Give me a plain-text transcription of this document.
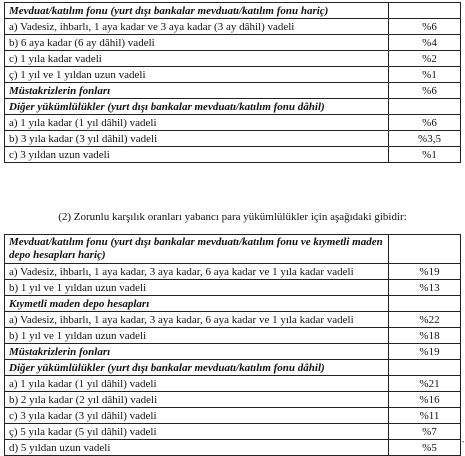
Mevduat/katılım fonu (yurt dışı bankalar mevduatı/katılım fonu hariç)	
a) Vadesiz, ihbarlı, 1 aya kadar ve 3 aya kadar (3 ay dâhil) vadeli	%6
b) 6 aya kadar (6 ay dâhil) vadeli	%4
c) 1 yıla kadar vadeli	%2
ç) 1 yıl ve 1 yıldan uzun vadeli	%1
Müstakrizlerin fonları	%6
Diğer yükümlülükler (yurt dışı bankalar mevduatı/katılım fonu dâhil)	
a) 1 yıla kadar (1 yıl dâhil) vadeli	%6
b) 3 yıla kadar (3 yıl dâhil) vadeli	%3,5
c) 3 yıldan uzun vadeli	%1
(2) Zorunlu karşılık oranları yabancı para yükümlülükler için aşağıdaki gibidir:
Mevduat/katılım fonu (yurt dışı bankalar mevduatı/katılım fonu ve kıymetli maden depo hesapları hariç)	
a) Vadesiz, ihbarlı, 1 aya kadar, 3 aya kadar, 6 aya kadar ve 1 yıla kadar vadeli	%19
b) 1 yıl ve 1 yıldan uzun vadeli	%13
Kıymetli maden depo hesapları	
a) Vadesiz, ihbarlı, 1 aya kadar, 3 aya kadar, 6 aya kadar ve 1 yıla kadar vadeli	%22
b) 1 yıl ve 1 yıldan uzun vadeli	%18
Müstakrizlerin fonları	%19
Diğer yükümlülükler (yurt dışı bankalar mevduatı/katılım fonu dâhil)	
a) 1 yıla kadar (1 yıl dâhil) vadeli	%21
b) 2 yıla kadar (2 yıl dâhil) vadeli	%16
c) 3 yıla kadar (3 yıl dâhil) vadeli	%11
ç) 5 yıla kadar (5 yıl dâhil) vadeli	%7
d) 5 yıldan uzun vadeli	%5	"
